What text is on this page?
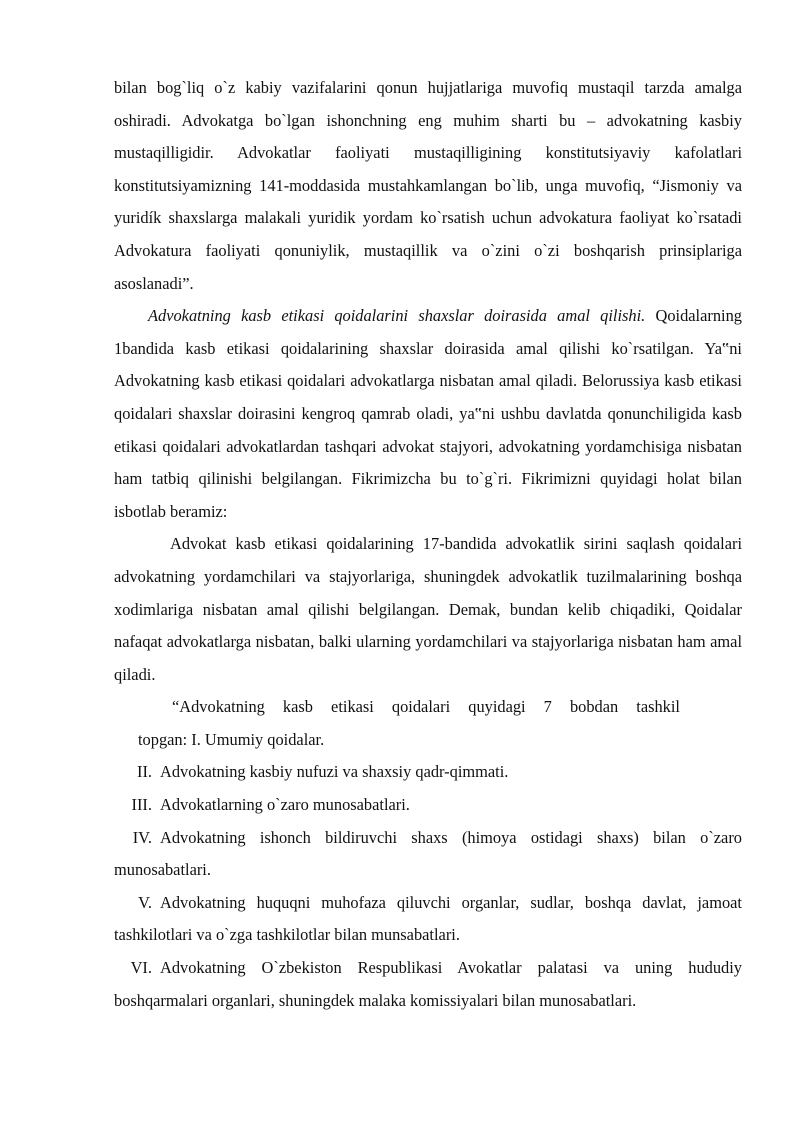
bilan bog`liq o`z kabiy vazifalarini qonun hujjatlariga muvofiq mustaqil tarzda amalga oshiradi. Advokatga bo`lgan ishonchning eng muhim sharti bu – advokatning kasbiy mustaqilligidir. Advokatlar faoliyati mustaqilligining konstitutsiyaviy kafolatlari konstitutsiyamizning 141-moddasida mustahkamlangan bo`lib, unga muvofiq, “Jismoniy va yuridík shaxslarga malakali yuridik yordam ko`rsatish uchun advokatura faoliyat ko`rsatadi Advokatura faoliyati qonuniylik, mustaqillik va o`zini o`zi boshqarish prinsiplariga asoslanadi”.

Advokatning kasb etikasi qoidalarini shaxslar doirasida amal qilishi. Qoidalarning 1bandida kasb etikasi qoidalarining shaxslar doirasida amal qilishi ko`rsatilgan. Ya‟ni Advokatning kasb etikasi qoidalari advokatlarga nisbatan amal qiladi. Belorussiya kasb etikasi qoidalari shaxslar doirasini kengroq qamrab oladi, ya‟ni ushbu davlatda qonunchiligida kasb etikasi qoidalari advokatlardan tashqari advokat stajyori, advokatning yordamchisiga nisbatan ham tatbiq qilinishi belgilangan. Fikrimizcha bu to`g`ri. Fikrimizni quyidagi holat bilan isbotlab beramiz:

Advokat kasb etikasi qoidalarining 17-bandida advokatlik sirini saqlash qoidalari advokatning yordamchilari va stajyorlariga, shuningdek advokatlik tuzilmalarining boshqa xodimlariga nisbatan amal qilishi belgilangan. Demak, bundan kelib chiqadiki, Qoidalar nafaqat advokatlarga nisbatan, balki ularning yordamchilari va stajyorlariga nisbatan ham amal qiladi.

“Advokatning kasb etikasi qoidalari quyidagi 7 bobdan tashkil
topgan: I. Umumiy qoidalar.
II. Advokatning kasbiy nufuzi va shaxsiy qadr-qimmati.
III. Advokatlarning o`zaro munosabatlari.
IV. Advokatning ishonch bildiruvchi shaxs (himoya ostidagi shaxs) bilan o`zaro munosabatlari.
V. Advokatning huquqni muhofaza qiluvchi organlar, sudlar, boshqa davlat, jamoat tashkilotlari va o`zga tashkilotlar bilan munsabatlari.
VI. Advokatning O`zbekiston Respublikasi Avokatlar palatasi va uning hududiy boshqarmalari organlari, shuningdek malaka komissiyalari bilan munosabatlari.
